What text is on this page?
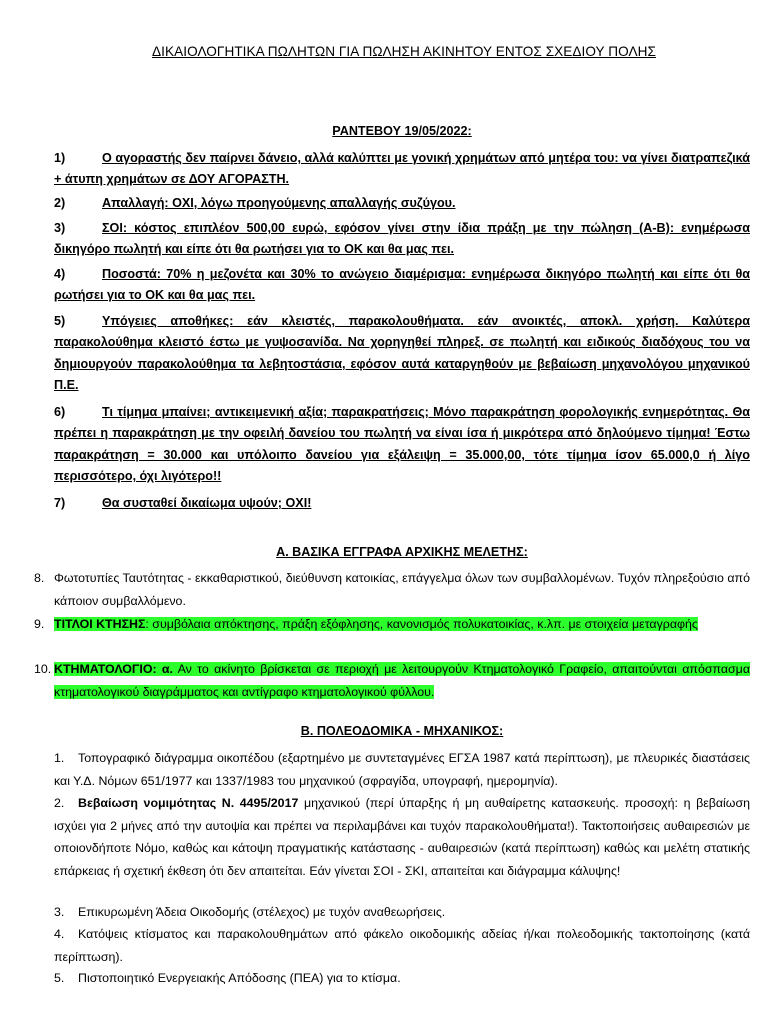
ΔΙΚΑΙΟΛΟΓΗΤΙΚΑ ΠΩΛΗΤΩΝ ΓΙΑ ΠΩΛΗΣΗ ΑΚΙΝΗΤΟΥ ΕΝΤΟΣ ΣΧΕΔΙΟΥ ΠΟΛΗΣ
ΡΑΝΤΕΒΟΥ 19/05/2022:
1)	Ο αγοραστής δεν παίρνει δάνειο, αλλά καλύπτει με γονική χρημάτων από μητέρα του: να γίνει διατραπεζικά + άτυπη χρημάτων σε ΔΟΥ ΑΓΟΡΑΣΤΗ.
2)	Απαλλαγή: ΟΧΙ, λόγω προηγούμενης απαλλαγής συζύγου.
3)	ΣΟΙ: κόστος επιπλέον 500,00 ευρώ, εφόσον γίνει στην ίδια πράξη με την πώληση (Α-Β): ενημέρωσα δικηγόρο πωλητή και είπε ότι θα ρωτήσει για το ΟΚ και θα μας πει.
4)	Ποσοστά: 70% η μεζονέτα και 30% το ανώγειο διαμέρισμα: ενημέρωσα δικηγόρο πωλητή και είπε ότι θα ρωτήσει για το ΟΚ και θα μας πει.
5)	Υπόγειες αποθήκες: εάν κλειστές, παρακολουθήματα. εάν ανοικτές, αποκλ. χρήση. Καλύτερα παρακολούθημα κλειστό έστω με γυψοσανίδα. Να χορηγηθεί πληρεξ. σε πωλητή και ειδικούς διαδόχους του να δημιουργούν παρακολούθημα τα λεβητοστάσια, εφόσον αυτά καταργηθούν με βεβαίωση μηχανολόγου μηχανικού Π.Ε.
6)	Τι τίμημα μπαίνει; αντικειμενική αξία; παρακρατήσεις; Μόνο παρακράτηση φορολογικής ενημερότητας. Θα πρέπει η παρακράτηση με την οφειλή δανείου του πωλητή να είναι ίσα ή μικρότερα από δηλούμενο τίμημα! Έστω παρακράτηση = 30.000 και υπόλοιπο δανείου για εξάλειψη = 35.000,00, τότε τίμημα ίσον 65.000,0 ή λίγο περισσότερο, όχι λιγότερο!!
7)	Θα συσταθεί δικαίωμα υψούν; ΟΧΙ!
Α. ΒΑΣΙΚΑ ΕΓΓΡΑΦΑ ΑΡΧΙΚΗΣ ΜΕΛΕΤΗΣ:
8. Φωτοτυπίες Ταυτότητας - εκκαθαριστικού, διεύθυνση κατοικίας, επάγγελμα όλων των συμβαλλομένων. Τυχόν πληρεξούσιο από κάποιον συμβαλλόμενο.
9. ΤΙΤΛΟΙ ΚΤΗΣΗΣ: συμβόλαια απόκτησης, πράξη εξόφλησης, κανονισμός πολυκατοικίας, κ.λπ. με στοιχεία μεταγραφής
10. ΚΤΗΜΑΤΟΛΟΓΙΟ: α. Αν το ακίνητο βρίσκεται σε περιοχή με λειτουργούν Κτηματολογικό Γραφείο, απαιτούνται απόσπασμα κτηματολογικού διαγράμματος και αντίγραφο κτηματολογικού φύλλου.
Β. ΠΟΛΕΟΔΟΜΙΚΑ - ΜΗΧΑΝΙΚΟΣ:
1. Τοπογραφικό διάγραμμα οικοπέδου (εξαρτημένο με συντεταγμένες ΕΓΣΑ 1987 κατά περίπτωση), με πλευρικές διαστάσεις και Υ.Δ. Νόμων 651/1977 και 1337/1983 του μηχανικού (σφραγίδα, υπογραφή, ημερομηνία).
2. Βεβαίωση νομιμότητας Ν. 4495/2017 μηχανικού (περί ύπαρξης ή μη αυθαίρετης κατασκευής. προσοχή: η βεβαίωση ισχύει για 2 μήνες από την αυτοψία και πρέπει να περιλαμβάνει και τυχόν παρακολουθήματα!). Τακτοποιήσεις αυθαιρεσιών με οποιονδήποτε Νόμο, καθώς και κάτοψη πραγματικής κατάστασης - αυθαιρεσιών (κατά περίπτωση) καθώς και μελέτη στατικής επάρκειας ή σχετική έκθεση ότι δεν απαιτείται. Εάν γίνεται ΣΟΙ - ΣΚΙ, απαιτείται και διάγραμμα κάλυψης!
3. Επικυρωμένη Άδεια Οικοδομής (στέλεχος) με τυχόν αναθεωρήσεις.
4. Κατόψεις κτίσματος και παρακολουθημάτων από φάκελο οικοδομικής αδείας ή/και πολεοδομικής τακτοποίησης (κατά περίπτωση).
5. Πιστοποιητικό Ενεργειακής Απόδοσης (ΠΕΑ) για το κτίσμα.
